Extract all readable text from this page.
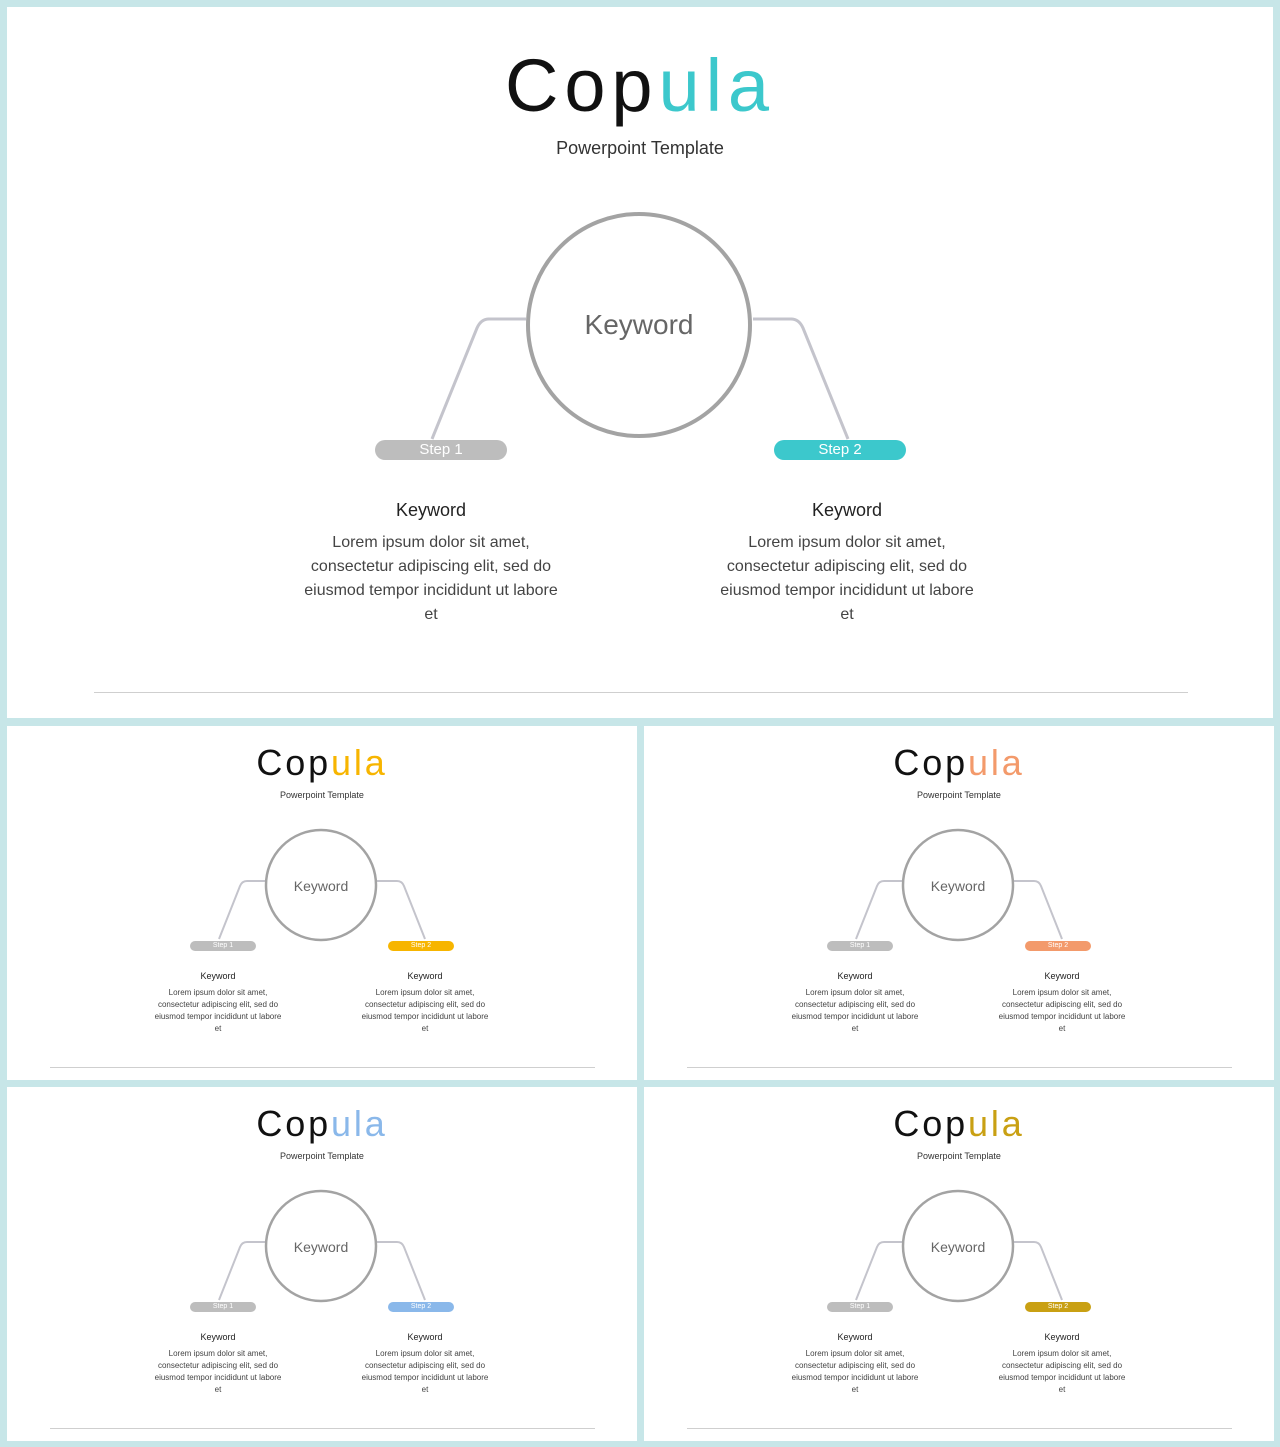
Copula
Powerpoint Template
Keyword
Step 1	Step 2
Keyword	Keyword
Lorem ipsum dolor sit amet,
consectetur adipiscing elit, sed do
eiusmod tempor incididunt ut labore
et
Lorem ipsum dolor sit amet,
consectetur adipiscing elit, sed do
eiusmod tempor incididunt ut labore
et
Copula
Powerpoint Template
Keyword
Step 1	Step 2
Keyword	Keyword
Lorem ipsum dolor sit amet,
consectetur adipiscing elit, sed do
eiusmod tempor incididunt ut labore
et
Lorem ipsum dolor sit amet,
consectetur adipiscing elit, sed do
eiusmod tempor incididunt ut labore
et
Copula
Powerpoint Template
Keyword
Step 1	Step 2
Keyword	Keyword
Lorem ipsum dolor sit amet,
consectetur adipiscing elit, sed do
eiusmod tempor incididunt ut labore
et
Lorem ipsum dolor sit amet,
consectetur adipiscing elit, sed do
eiusmod tempor incididunt ut labore
et
Copula
Powerpoint Template
Keyword
Step 1	Step 2
Keyword	Keyword
Lorem ipsum dolor sit amet,
consectetur adipiscing elit, sed do
eiusmod tempor incididunt ut labore
et
Lorem ipsum dolor sit amet,
consectetur adipiscing elit, sed do
eiusmod tempor incididunt ut labore
et
Copula
Powerpoint Template
Keyword
Step 1	Step 2
Keyword	Keyword
Lorem ipsum dolor sit amet,
consectetur adipiscing elit, sed do
eiusmod tempor incididunt ut labore
et
Lorem ipsum dolor sit amet,
consectetur adipiscing elit, sed do
eiusmod tempor incididunt ut labore
et
